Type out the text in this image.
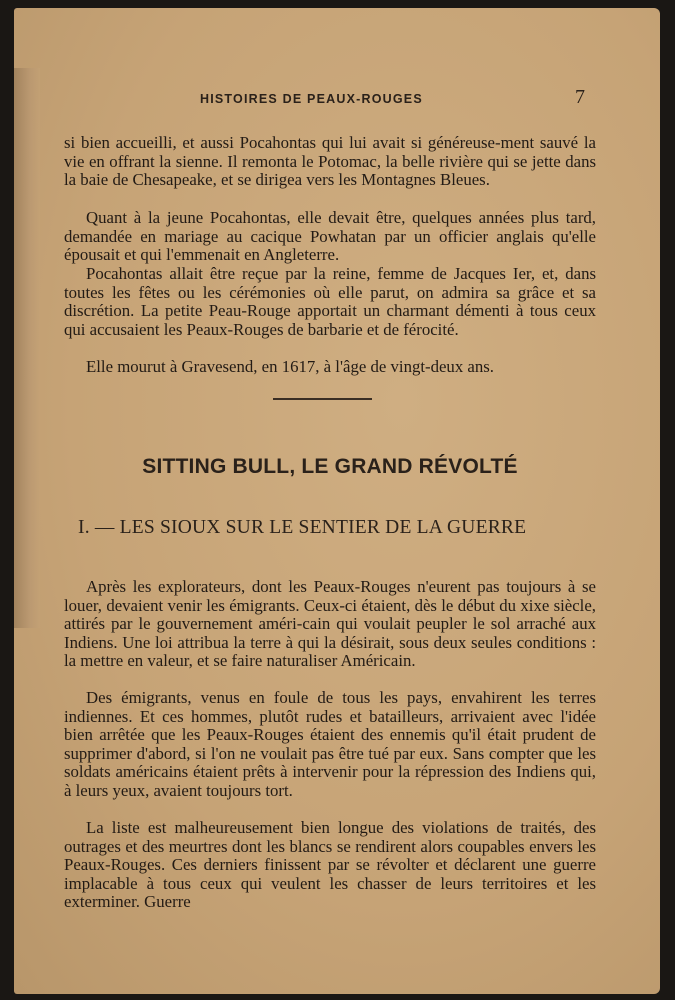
HISTOIRES DE PEAUX-ROUGES	7

si bien accueilli, et aussi Pocahontas qui lui avait si généreuse-ment sauvé la vie en offrant la sienne. Il remonta le Potomac, la belle rivière qui se jette dans la baie de Chesapeake, et se dirigea vers les Montagnes Bleues.

Quant à la jeune Pocahontas, elle devait être, quelques années plus tard, demandée en mariage au cacique Powhatan par un officier anglais qu'elle épousait et qui l'emmenait en Angleterre.

Pocahontas allait être reçue par la reine, femme de Jacques Ier, et, dans toutes les fêtes ou les cérémonies où elle parut, on admira sa grâce et sa discrétion. La petite Peau-Rouge apportait un charmant démenti à tous ceux qui accusaient les Peaux-Rouges de barbarie et de férocité.

Elle mourut à Gravesend, en 1617, à l'âge de vingt-deux ans.

SITTING BULL, LE GRAND RÉVOLTÉ
I. — LES SIOUX SUR LE SENTIER DE LA GUERRE

Après les explorateurs, dont les Peaux-Rouges n'eurent pas toujours à se louer, devaient venir les émigrants. Ceux-ci étaient, dès le début du xixe siècle, attirés par le gouvernement améri-cain qui voulait peupler le sol arraché aux Indiens. Une loi attribua la terre à qui la désirait, sous deux seules conditions : la mettre en valeur, et se faire naturaliser Américain.

Des émigrants, venus en foule de tous les pays, envahirent les terres indiennes. Et ces hommes, plutôt rudes et batailleurs, arrivaient avec l'idée bien arrêtée que les Peaux-Rouges étaient des ennemis qu'il était prudent de supprimer d'abord, si l'on ne voulait pas être tué par eux. Sans compter que les soldats américains étaient prêts à intervenir pour la répression des Indiens qui, à leurs yeux, avaient toujours tort.

La liste est malheureusement bien longue des violations de traités, des outrages et des meurtres dont les blancs se rendirent alors coupables envers les Peaux-Rouges. Ces derniers finissent par se révolter et déclarent une guerre implacable à tous ceux qui veulent les chasser de leurs territoires et les exterminer. Guerre
